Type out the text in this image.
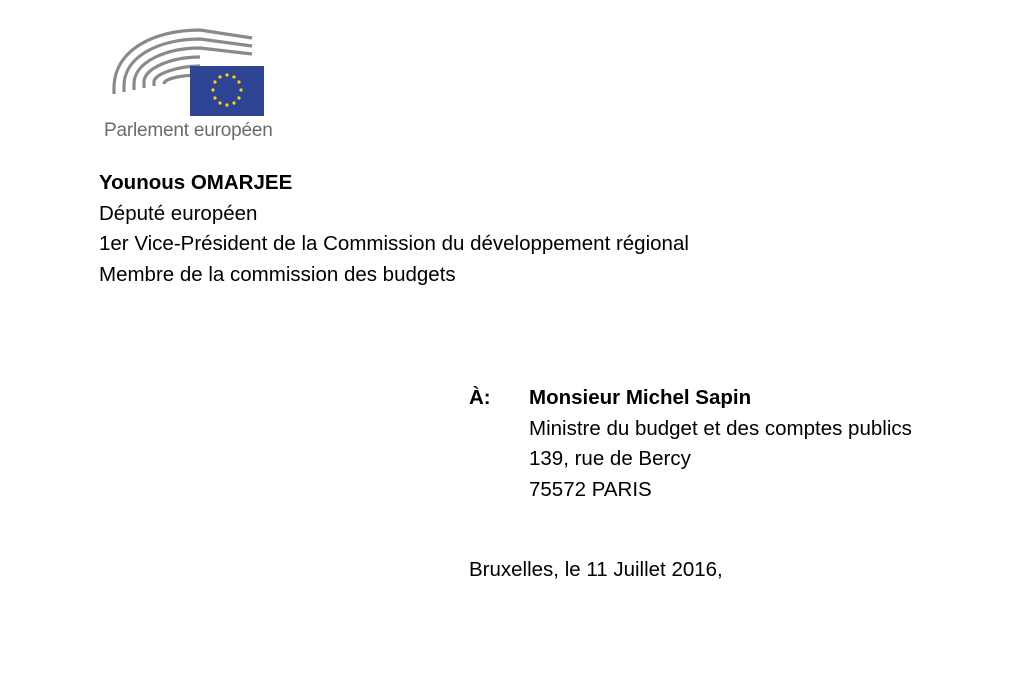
Parlement européen
Younous OMARJEE
Député européen
1er Vice-Président de la Commission du développement régional
Membre de la commission des budgets
À: Monsieur Michel Sapin
Ministre du budget et des comptes publics
139, rue de Bercy
75572 PARIS
Bruxelles, le 11 Juillet 2016,
